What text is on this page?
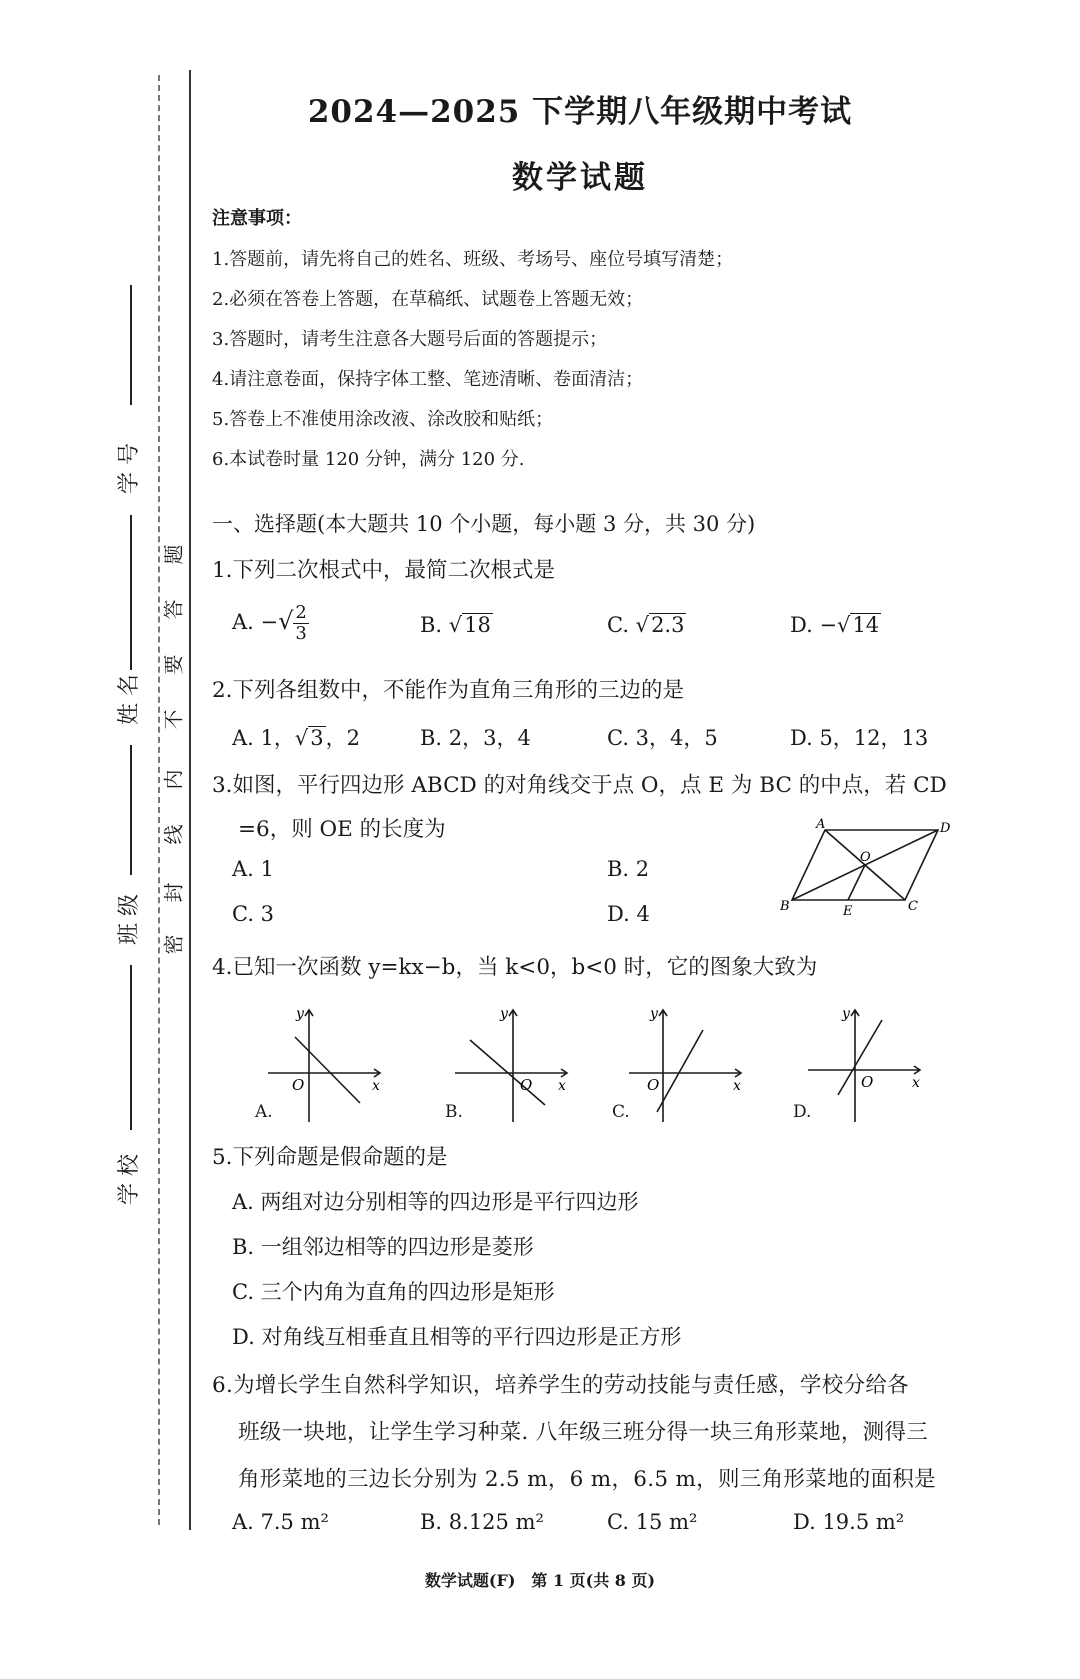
学 号
姓 名
班 级
学 校
密
封
线
内
不
要
答
题
2024—2025 下学期八年级期中考试
数学试题
注意事项：
1.答题前，请先将自己的姓名、班级、考场号、座位号填写清楚；
2.必须在答卷上答题，在草稿纸、试题卷上答题无效；
3.答题时，请考生注意各大题号后面的答题提示；
4.请注意卷面，保持字体工整、笔迹清晰、卷面清洁；
5.答卷上不准使用涂改液、涂改胶和贴纸；
6.本试卷时量 120 分钟，满分 120 分.
一、选择题(本大题共 10 个小题，每小题 3 分，共 30 分)
1.下列二次根式中，最简二次根式是
A. −√ $\frac{2}{3}$	B. √18	C. √2.3	D. −√14
2.下列各组数中，不能作为直角三角形的三边的是
A. 1，√3，2	B. 2，3，4	C. 3，4，5	D. 5，12，13
3.如图，平行四边形 ABCD 的对角线交于点 O，点 E 为 BC 的中点，若 CD
=6，则 OE 的长度为
A. 1	B. 2
C. 3	D. 4
A	D
B	C
E
O
4.已知一次函数 y=kx−b，当 k<0，b<0 时，它的图象大致为
y
x
O
A.
y
x
O
B.
y
x
O
C.
y
x
O
D.
5.下列命题是假命题的是
A. 两组对边分别相等的四边形是平行四边形
B. 一组邻边相等的四边形是菱形
C. 三个内角为直角的四边形是矩形
D. 对角线互相垂直且相等的平行四边形是正方形
6.为增长学生自然科学知识，培养学生的劳动技能与责任感，学校分给各
班级一块地，让学生学习种菜. 八年级三班分得一块三角形菜地，测得三
角形菜地的三边长分别为 2.5 m，6 m，6.5 m，则三角形菜地的面积是
A. 7.5 m²	B. 8.125 m²	C. 15 m²	D. 19.5 m²
数学试题(F)　第 1 页(共 8 页)
